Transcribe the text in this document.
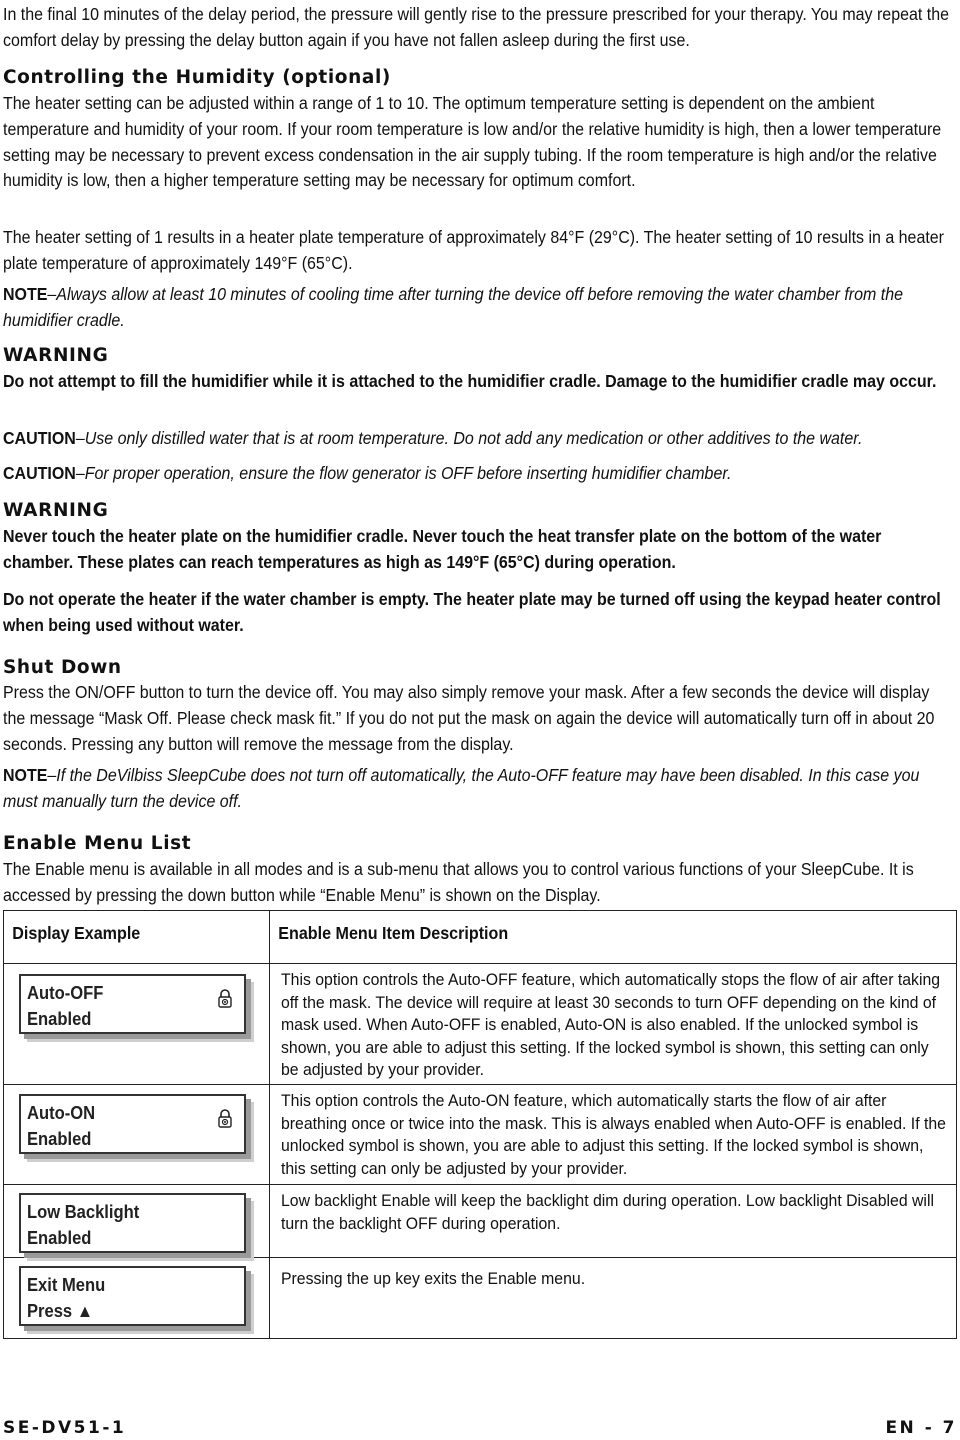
In the final 10 minutes of the delay period, the pressure will gently rise to the pressure prescribed for your therapy. You may repeat the comfort delay by pressing the delay button again if you have not fallen asleep during the first use.

Controlling the Humidity (optional)

The heater setting can be adjusted within a range of 1 to 10. The optimum temperature setting is dependent on the ambient temperature and humidity of your room. If your room temperature is low and/or the relative humidity is high, then a lower temperature setting may be necessary to prevent excess condensation in the air supply tubing. If the room temperature is high and/or the relative humidity is low, then a higher temperature setting may be necessary for optimum comfort.

The heater setting of 1 results in a heater plate temperature of approximately 84°F (29°C). The heater setting of 10 results in a heater plate temperature of approximately 149°F (65°C).

NOTE–Always allow at least 10 minutes of cooling time after turning the device off before removing the water chamber from the humidifier cradle.

WARNING

Do not attempt to fill the humidifier while it is attached to the humidifier cradle. Damage to the humidifier cradle may occur.

CAUTION–Use only distilled water that is at room temperature. Do not add any medication or other additives to the water.

CAUTION–For proper operation, ensure the flow generator is OFF before inserting humidifier chamber.

WARNING

Never touch the heater plate on the humidifier cradle. Never touch the heat transfer plate on the bottom of the water chamber. These plates can reach temperatures as high as 149°F (65°C) during operation.

Do not operate the heater if the water chamber is empty. The heater plate may be turned off using the keypad heater control when being used without water.

Shut Down

Press the ON/OFF button to turn the device off. You may also simply remove your mask. After a few seconds the device will display the message “Mask Off. Please check mask fit.” If you do not put the mask on again the device will automatically turn off in about 20 seconds. Pressing any button will remove the message from the display.

NOTE–If the DeVilbiss SleepCube does not turn off automatically, the Auto-OFF feature may have been disabled. In this case you must manually turn the device off.

Enable Menu List

The Enable menu is available in all modes and is a sub-menu that allows you to control various functions of your SleepCube. It is accessed by pressing the down button while “Enable Menu” is shown on the Display.

Display Example	Enable Menu Item Description

Auto-OFF
Enabled	This option controls the Auto-OFF feature, which automatically stops the flow of air after taking off the mask. The device will require at least 30 seconds to turn OFF depending on the kind of mask used. When Auto-OFF is enabled, Auto-ON is also enabled. If the unlocked symbol is shown, you are able to adjust this setting. If the locked symbol is shown, this setting can only be adjusted by your provider.

Auto-ON
Enabled	This option controls the Auto-ON feature, which automatically starts the flow of air after breathing once or twice into the mask. This is always enabled when Auto-OFF is enabled. If the unlocked symbol is shown, you are able to adjust this setting. If the locked symbol is shown, this setting can only be adjusted by your provider.

Low Backlight
Enabled	Low backlight Enable will keep the backlight dim during operation. Low backlight Disabled will turn the backlight OFF during operation.

Exit Menu
Press ▲	Pressing the up key exits the Enable menu.
SE-DV51-1	EN - 7
